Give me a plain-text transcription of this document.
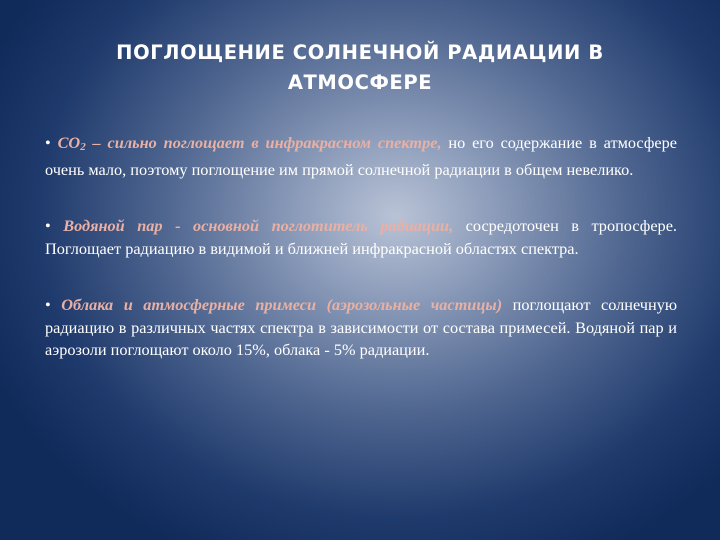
ПОГЛОЩЕНИЕ СОЛНЕЧНОЙ РАДИАЦИИ В
АТМОСФЕРЕ
• СО2 – сильно поглощает в инфракрасном спектре, но его содержание в атмосфере очень мало, поэтому поглощение им прямой солнечной радиации в общем невелико.
• Водяной пар - основной поглотитель радиации, сосредоточен в тропосфере. Поглощает радиацию в видимой и ближней инфракрасной областях спектра.
• Облака и атмосферные примеси (аэрозольные частицы) поглощают солнечную радиацию в различных частях спектра в зависимости от состава примесей. Водяной пар и аэрозоли поглощают около 15%, облака - 5% радиации.
